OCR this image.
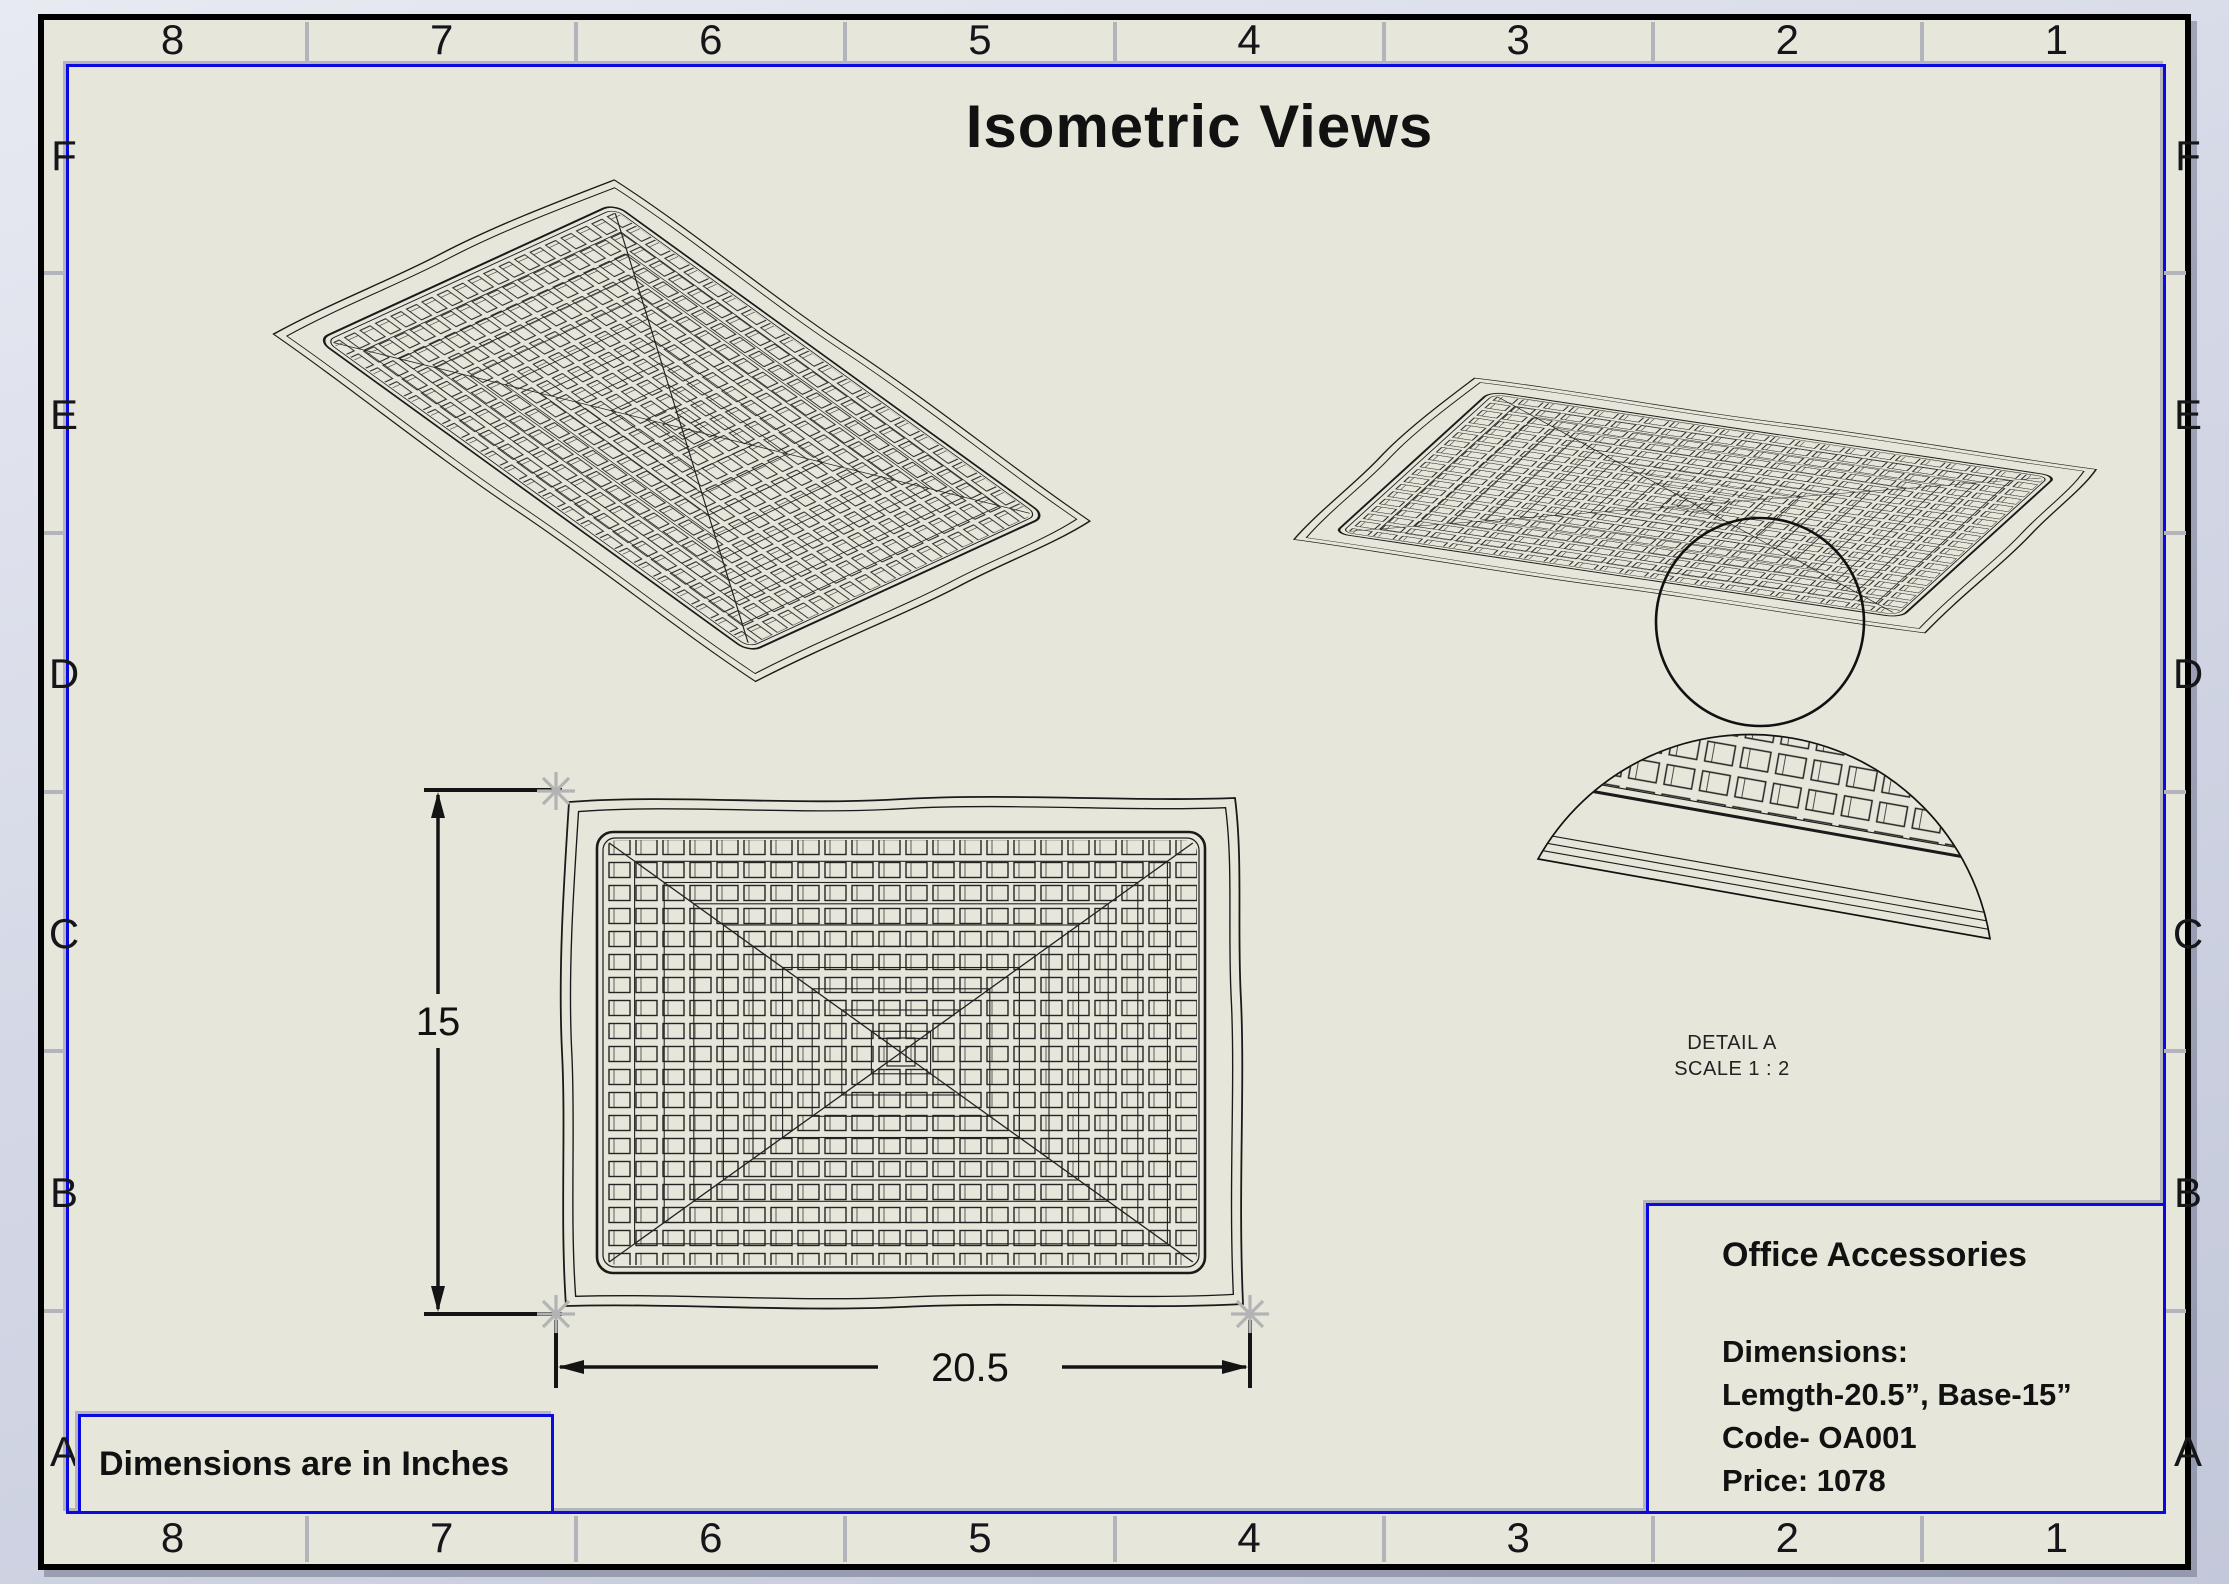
8
8
7
7
6
6
5
5
4
4
3
3
2
2
1
1
F	F
E	E
D	D
C	C
B	B
A	A
Isometric Views
15
20.5
DETAIL A
SCALE 1 : 2
Dimensions are in Inches
Office Accessories
Dimensions:
Lemgth-20.5”, Base-15”
Code- OA001
Price: 1078
